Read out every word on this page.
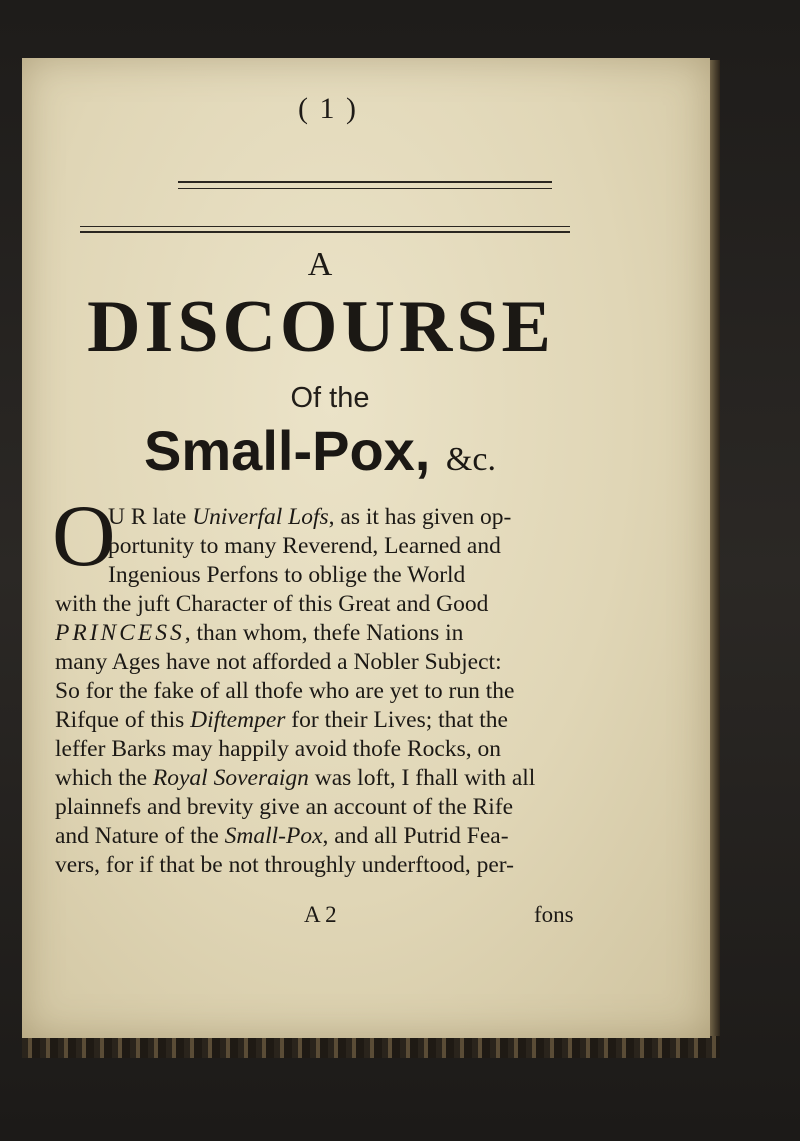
( 1 )
A
DISCOURSE
Of the
Small-Pox, &c.
O
U R late Univerfal Lofs, as it has given op-
portunity to many Reverend, Learned and
Ingenious Perfons to oblige the World
with the juft Character of this Great and Good
PRINCESS, than whom, thefe Nations in
many Ages have not afforded a Nobler Subject:
So for the fake of all thofe who are yet to run the
Rifque of this Diftemper for their Lives; that the
leffer Barks may happily avoid thofe Rocks, on
which the Royal Soveraign was loft, I fhall with all
plainnefs and brevity give an account of the Rife
and Nature of the Small-Pox, and all Putrid Fea-
vers, for if that be not throughly underftood, per-
A 2	fons
